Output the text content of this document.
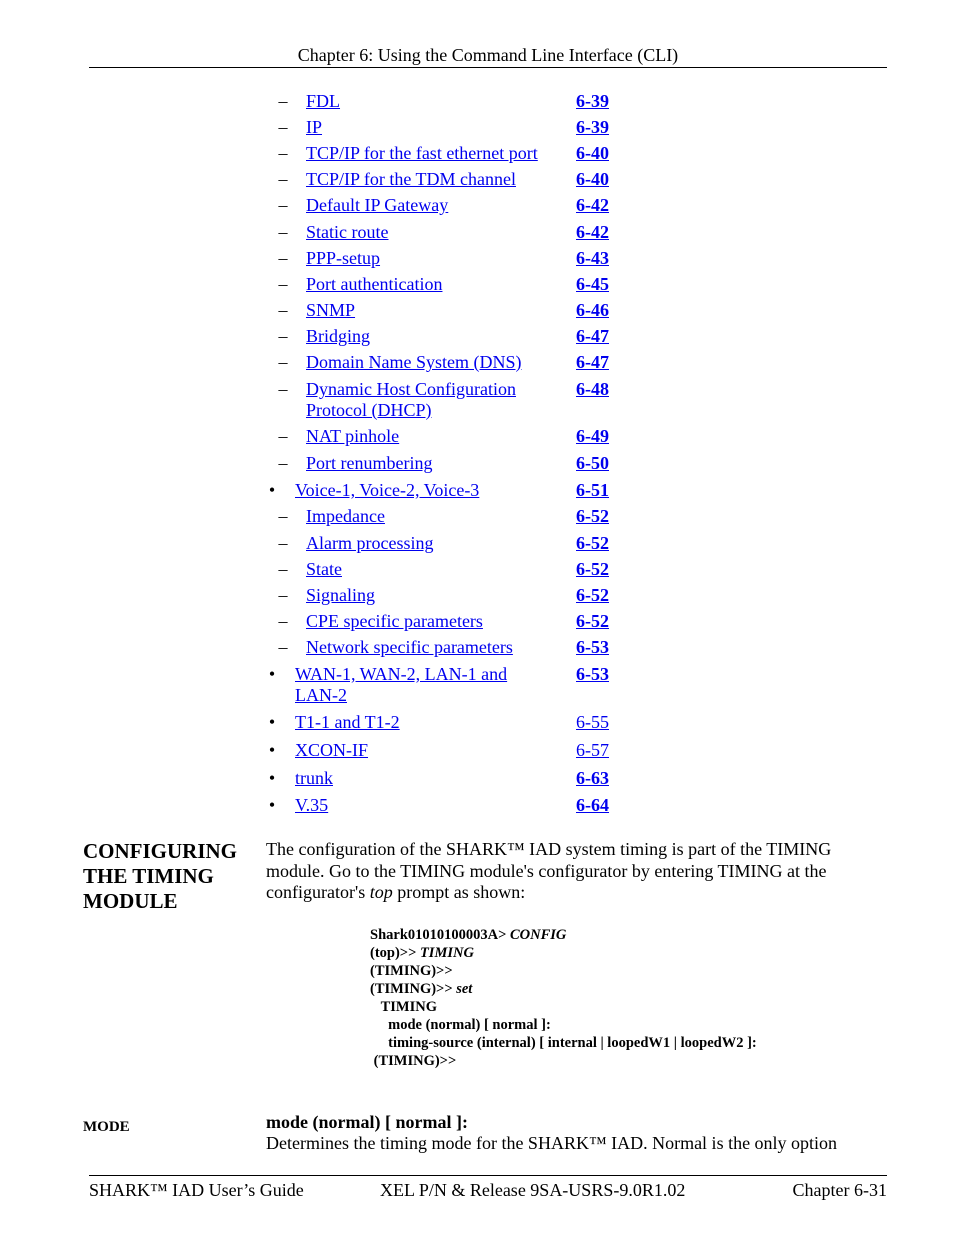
Chapter 6: Using the Command Line Interface (CLI)
–	FDL	6-39
–	IP	6-39
–	TCP/IP for the fast ethernet port 6-40
–	TCP/IP for the TDM channel	6-40
–	Default IP Gateway	6-42
–	Static route	6-42
–	PPP-setup	6-43
–	Port authentication	6-45
–	SNMP	6-46
–	Bridging	6-47
–	Domain Name System (DNS)	6-47
–	Dynamic Host Configuration
Protocol (DHCP)
6-48
–	NAT pinhole	6-49
–	Port renumbering	6-50
•	Voice-1, Voice-2, Voice-3	6-51
–	Impedance	6-52
–	Alarm processing	6-52
–	State	6-52
–	Signaling	6-52
–	CPE specific parameters	6-52
–	Network specific parameters	6-53
•	WAN-1, WAN-2, LAN-1 and
LAN-2
6-53
•	T1-1 and T1-2	6-55
•	XCON-IF	6-57
•	trunk	6-63
•	V.35	6-64
CONFIGURING
THE TIMING
MODULE
The configuration of the SHARK™ IAD system timing is part of the TIMING
module. Go to the TIMING module's configurator by entering TIMING at the
configurator's top prompt as shown:
Shark01010100003A> CONFIG
(top)>> TIMING
(TIMING)>>
(TIMING)>> set
TIMING
mode (normal) [ normal ]:
timing-source (internal) [ internal | loopedW1 | loopedW2 ]:
(TIMING)>>
MODE	mode (normal) [ normal ]:
Determines the timing mode for the SHARK™ IAD. Normal is the only option
SHARK™ IAD User’s Guide	XEL P/N & Release 9SA-USRS-9.0R1.02	Chapter 6-31
